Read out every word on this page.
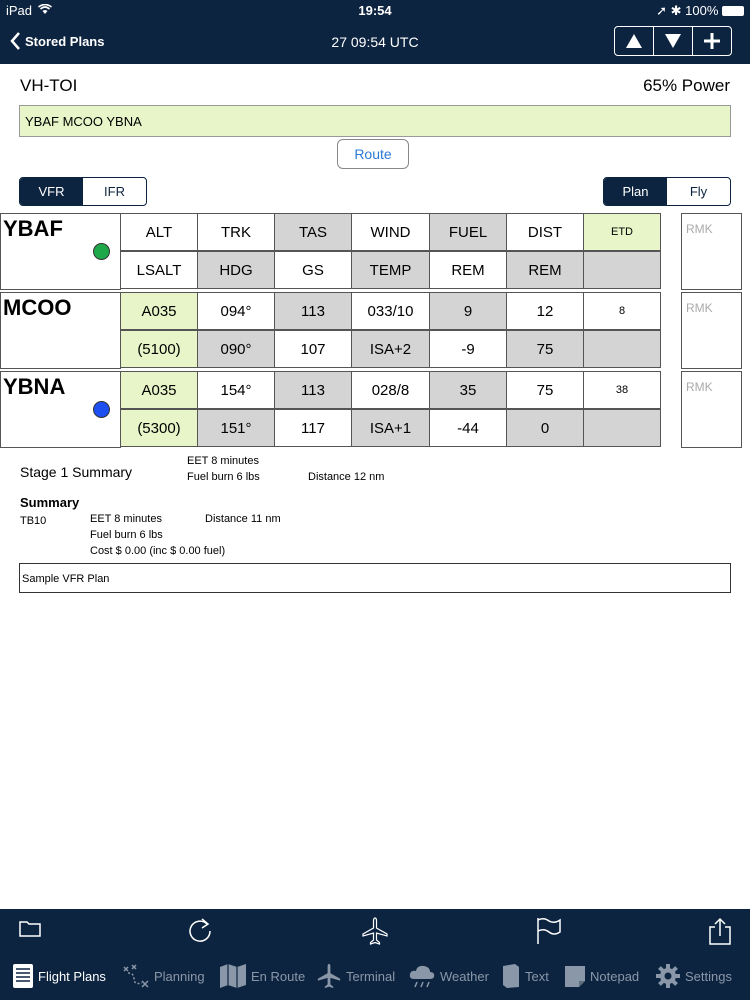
iPad	19:54	➚ ✱ 100%
Stored Plans	27 09:54 UTC
VH-TOI	65% Power
YBAF MCOO YBNA
Route
VFR	IFR	Plan	Fly
YBAF	ALT	TRK	TAS	WIND	FUEL	DIST	ETD
LSALT	HDG	GS	TEMP	REM	REM
RMK
MCOO	A035	094°	113	033/10	9	12	8
(5100)	090°	107	ISA+2	-9	75
RMK
YBNA	A035	154°	113	028/8	35	75	38
(5300)	151°	117	ISA+1	-44	0
RMK
Stage 1 Summary
EET 8 minutes
Fuel burn 6 lbs	Distance 12 nm
Summary
TB10	EET 8 minutes	Distance 11 nm
Fuel burn 6 lbs
Cost $ 0.00 (inc $ 0.00 fuel)
Sample VFR Plan
Flight Plans	Planning	En Route	Terminal	Weather	Text	Notepad	Settings
